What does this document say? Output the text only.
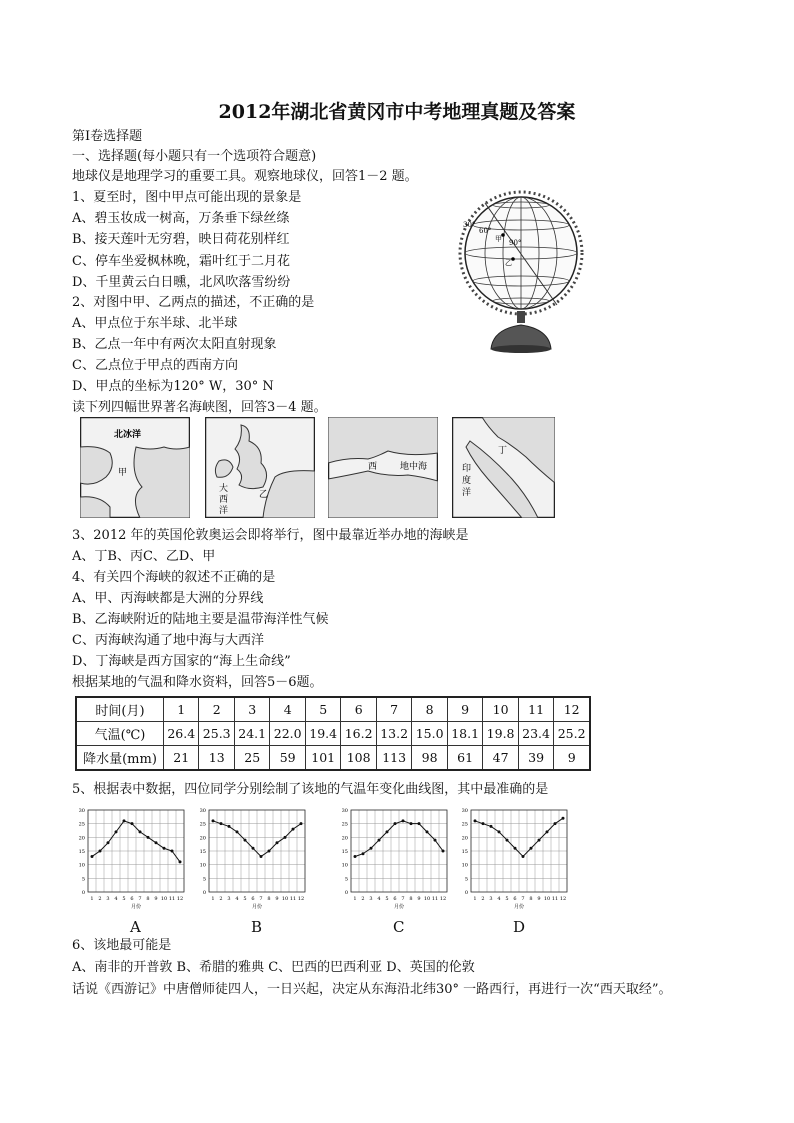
2012年湖北省黄冈市中考地理真题及答案
第Ⅰ卷选择题
一、选择题(每小题只有一个选项符合题意)
地球仪是地理学习的重要工具。观察地球仪，回答1－2 题。
1、夏至时，图中甲点可能出现的景象是
A、碧玉妆成一树高，万条垂下绿丝绦
B、接天莲叶无穷碧，映日荷花别样红
C、停车坐爱枫林晚，霜叶红于二月花
D、千里黄云白日曛，北风吹落雪纷纷
2、对图中甲、乙两点的描述，不正确的是
A、甲点位于东半球、北半球
B、乙点一年中有两次太阳直射现象
C、乙点位于甲点的西南方向
D、甲点的坐标为120° W，30° N
读下列四幅世界著名海峡图，回答3－4 题。
30°
60°
90°
甲
乙
北冰洋
甲
大
西
洋
乙
西	地中海
丁
印
度
洋
3、2012 年的英国伦敦奥运会即将举行，图中最靠近举办地的海峡是
A、丁B、丙C、乙D、甲
4、有关四个海峡的叙述不正确的是
A、甲、丙海峡都是大洲的分界线
B、乙海峡附近的陆地主要是温带海洋性气候
C、丙海峡沟通了地中海与大西洋
D、丁海峡是西方国家的“海上生命线”
根据某地的气温和降水资料，回答5－6题。
时间(月)	1	2	3	4	5	6	7	8	9	10	11	12
气温(℃)	26.4	25.3	24.1	22.0	19.4	16.2	13.2	15.0	18.1	19.8	23.4	25.2
降水量(mm)	21	13	25	59	101	108	113	98	61	47	39	9
5、根据表中数据，四位同学分别绘制了该地的气温年变化曲线图，其中最准确的是
0
5
10
15
20
25
30
1 2 3 4 5 6 7 8 9 10 11 12
月份
0
5
10
15
20
25
30
1 2 3 4 5 6 7 8 9 10 11 12
月份
0
5
10
15
20
25
30
1 2 3 4 5 6 7 8 9 10 11 12
月份
0
5
10
15
20
25
30
1 2 3 4 5 6 7 8 9 10 11 12
月份
6、该地最可能是
A、南非的开普敦 B、希腊的雅典 C、巴西的巴西利亚 D、英国的伦敦
话说《西游记》中唐僧师徒四人，一日兴起，决定从东海沿北纬30° 一路西行，再进行一次“西天取经”。
A	B	C	D
